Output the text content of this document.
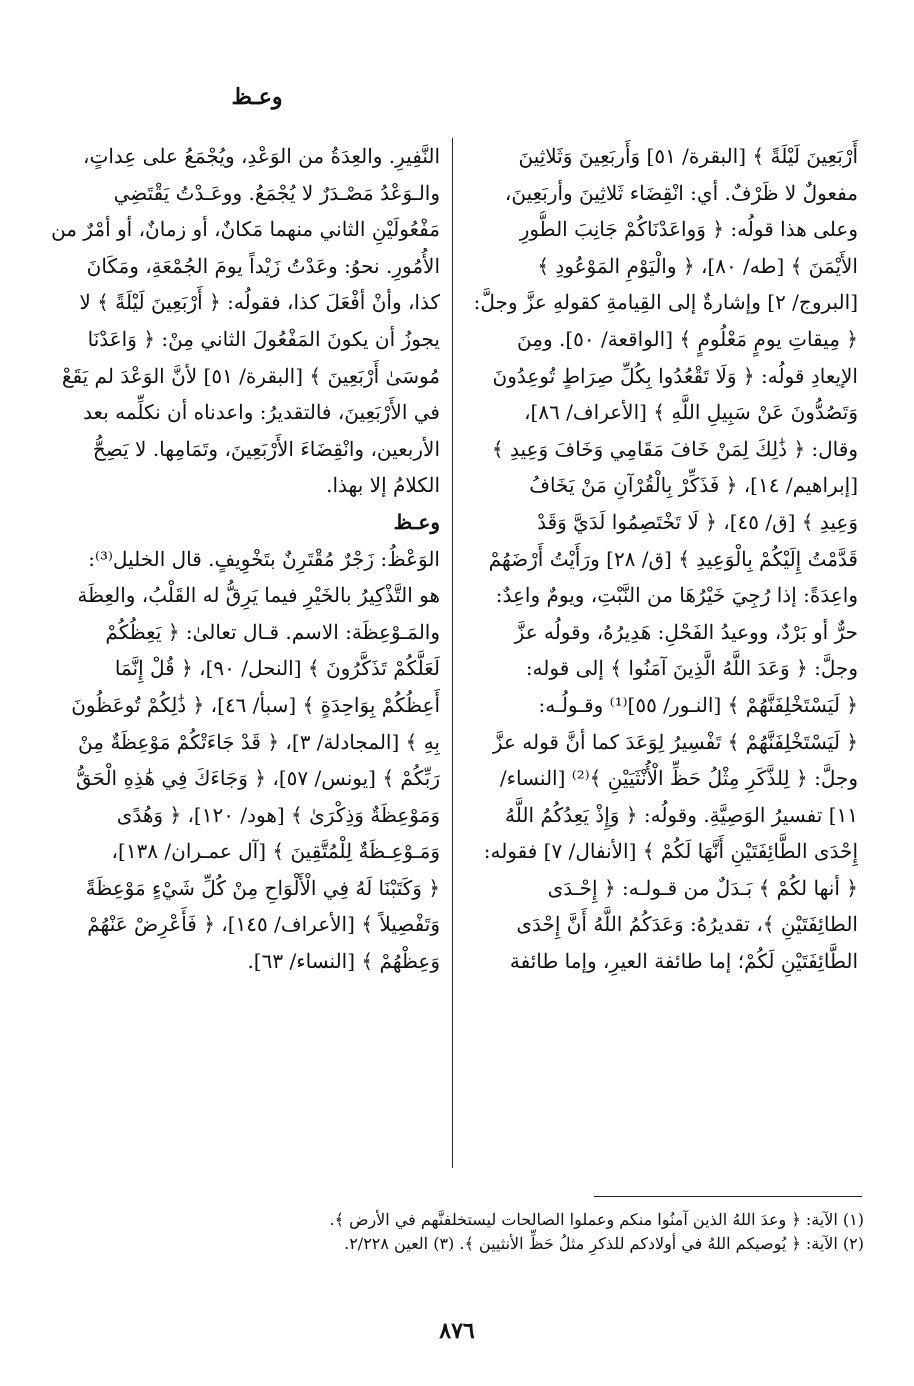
وعـظ

أَرْبَعِينَ لَيْلَةً ﴾ [البقرة/ ٥١] وَأَربَعِينَ وَثَلاثِينَ

مفعولٌ لا ظَرْفٌ. أي: انْقِضَاء ثَلاثِينَ وأربَعِينَ،

وعلى هذا قولُه: ﴿ وَواعَدْنَاكُمْ جَانِبَ الطُّورِ

الأَيْمَنَ ﴾ [طه/ ٨٠]، ﴿ والْيَوْمِ المَوْعُودِ ﴾

[البروج/ ٢] وإشارةٌ إلى القِيامةِ كقولهِ عزَّ وجلَّ:

﴿ مِيقاتِ يومٍ مَعْلُومٍ ﴾ [الواقعة/ ٥٠]. ومِنَ

الإيعادِ قولُه: ﴿ وَلَا تَقْعُدُوا بِكُلِّ صِرَاطٍ تُوعِدُونَ

وَتَصُدُّونَ عَنْ سَبِيلِ اللَّهِ ﴾ [الأعراف/ ٨٦]،

وقال: ﴿ ذَٰلِكَ لِمَنْ خَافَ مَقَامِي وَخَافَ وَعِيدِ ﴾

[إبراهيم/ ١٤]، ﴿ فَذَكِّرْ بِالْقُرْآنِ مَنْ يَخَافُ

وَعِيدِ ﴾ [ق/ ٤٥]، ﴿ لَا تَخْتَصِمُوا لَدَيَّ وَقَدْ

قَدَّمْتُ إِلَيْكُمْ بِالْوَعِيدِ ﴾ [ق/ ٢٨] ورَأَيْتُ أَرْضَهُمْ

واعِدَةً: إذا رُجِيَ خَيْرُهَا من النَّبْتِ، ويومٌ واعِدٌ:

حرٌّ أو بَرْدٌ، ووعيدُ الفَحْلِ: هَدِيرُهُ، وقولُه عزَّ

وجلَّ: ﴿ وَعَدَ اللَّهُ الَّذِينَ آمَنُوا ﴾ إلى قوله:

﴿ لَيَسْتَخْلِفَنَّهُمْ ﴾ [النـور/ ٥٥]⁽¹⁾ وقـولُـه:

﴿ لَيَسْتَخْلِفَنَّهُمْ ﴾ تَفْسِيرُ لِوَعَدَ كما أنَّ قوله عزَّ

وجلَّ: ﴿ لِلذَّكَرِ مِثْلُ حَظِّ الْأُنْثَيَيْنِ ﴾⁽²⁾ [النساء/

١١] تفسيرُ الوَصِيَّةِ. وقولُه: ﴿ وَإِذْ يَعِدُكُمُ اللَّهُ

إِحْدَى الطَّائِفَتَيْنِ أَنَّهَا لَكُمْ ﴾ [الأنفال/ ٧] فقوله:

﴿ أنها لكُمْ ﴾ بَـدَلٌ من قـولـه: ﴿ إِحْـدَى

الطائِفَتَيْنِ ﴾، تقديرُهُ: وَعَدَكُمُ اللَّهُ أَنَّ إِحْدَى

الطَّائِفَتَيْنِ لَكُمْ؛ إما طائفة العيرِ، وإما طائفة

النَّفِيرِ. والعِدَةُ من الوَعْدِ، ويُجْمَعُ على عِداتٍ،

والـوَعْدُ مَصْـدَرٌ لا يُجْمَعُ. ووعَـدْتُ يَقْتَضِي

مَفْعُولَيْنِ الثاني منهما مَكانٌ، أو زمانٌ، أو أمْرٌ من

الأُمُورِ. نحوُ: وعَدْتُ زَيْداً يومَ الجُمْعَةِ، ومَكَانَ

كذا، وأنْ أفْعَلَ كذا، فقولُه: ﴿ أَرْبَعِينَ لَيْلَةً ﴾ لا

يجوزُ أن يكونَ المَفْعُولَ الثاني مِنْ: ﴿ وَاعَدْنَا

مُوسَىٰ أَرْبَعِينَ ﴾ [البقرة/ ٥١] لأنَّ الوَعْدَ لم يَقَعْ

في الأَرْبَعِينَ، فالتقديرُ: واعدناه أن نكلِّمه بعد

الأربعين، وانْقِضَاءَ الأَرْبَعِينَ، وتَمَامِها. لا يَصِحُّ

الكلامُ إلا بهذا.

وعـظ

الوَعْظُ: زَجْرٌ مُقْتَرِنٌ بتَخْوِيفٍ. قال الخليل⁽³⁾:

هو التَّذْكِيرُ بالخَيْرِ فيما يَرِقُّ له القَلْبُ، والعِظَة

والمَـوْعِظَة: الاسم. قـال تعالىٰ: ﴿ يَعِظُكُمْ

لَعَلَّكُمْ تَذَكَّرُونَ ﴾ [النحل/ ٩٠]، ﴿ قُلْ إِنَّمَا

أَعِظُكُمْ بِوَاحِدَةٍ ﴾ [سبأ/ ٤٦]، ﴿ ذَٰلِكُمْ تُوعَظُونَ

بِهِ ﴾ [المجادلة/ ٣]، ﴿ قَدْ جَاءَتْكُمْ مَوْعِظَةٌ مِنْ

رَبِّكُمْ ﴾ [يونس/ ٥٧]، ﴿ وَجَاءَكَ فِي هَٰذِهِ الْحَقُّ

وَمَوْعِظَةٌ وَذِكْرَىٰ ﴾ [هود/ ١٢٠]، ﴿ وَهُدًى

وَمَـوْعِـظَةٌ لِلْمُتَّقِينَ ﴾ [آل عمـران/ ١٣٨]،

﴿ وَكَتَبْنَا لَهُ فِي الْأَلْوَاحِ مِنْ كُلِّ شَيْءٍ مَوْعِظَةً

وَتَفْصِيلاً ﴾ [الأعراف/ ١٤٥]، ﴿ فَأَعْرِضْ عَنْهُمْ

وَعِظْهُمْ ﴾ [النساء/ ٦٣].

(١) الآية: ﴿ وعدَ اللهُ الذين آمنُوا منكم وعملوا الصالحات ليستخلفنَّهم في الأرض ﴾.

(٢) الآية: ﴿ يُوصيكم اللهُ في أولادكم للذكرِ مثلُ حَظِّ الأنثيين ﴾. (٣) العين ٢/٢٢٨.

٨٧٦
